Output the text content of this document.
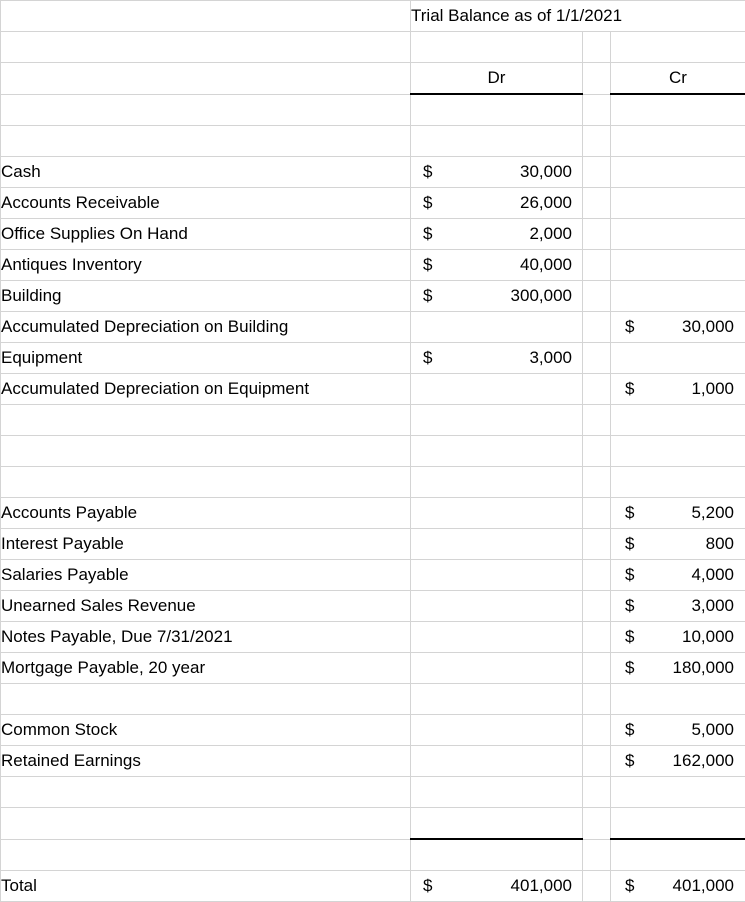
	Trial Balance as of 1/1/2021		

	Dr		Cr

Cash	$ 30,000		

Accounts Receivable	$ 26,000		

Office Supplies On Hand	$ 2,000		

Antiques Inventory	$ 40,000		

Building	$ 300,000		

Accumulated Depreciation on Building			$ 30,000

Equipment	$ 3,000		

Accumulated Depreciation on Equipment			$ 1,000

Accounts Payable			$ 5,200

Interest Payable			$ 800

Salaries Payable			$ 4,000

Unearned Sales Revenue			$ 3,000

Notes Payable, Due 7/31/2021			$ 10,000

Mortgage Payable, 20 year			$ 180,000

Common Stock			$ 5,000

Retained Earnings			$ 162,000

Total	$ 401,000		$ 401,000
